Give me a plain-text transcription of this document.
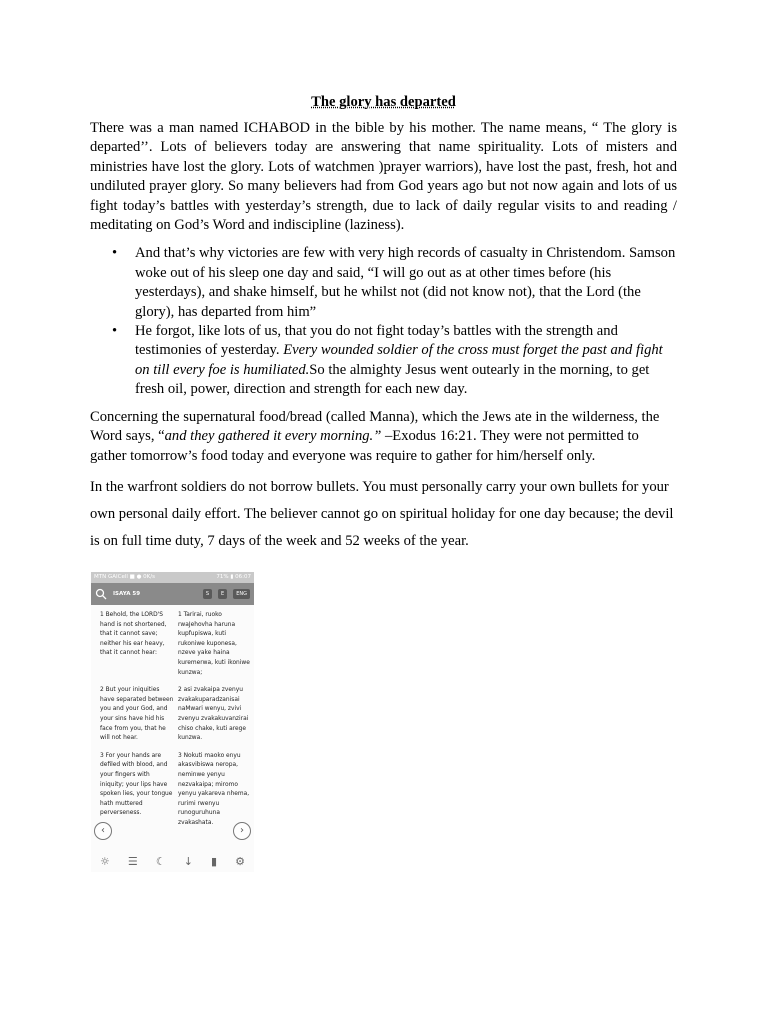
The glory has departed

There was a man named ICHABOD in the bible by his mother. The name means, “ The glory is departed’’. Lots of believers today are answering that name spirituality. Lots of misters and ministries have lost the glory. Lots of watchmen )prayer warriors), have lost the past, fresh, hot and undiluted prayer glory. So many believers had from God years ago but not now again and lots of us fight today’s battles with yesterday’s strength, due to lack of daily regular visits to and reading / meditating on God’s Word and indiscipline (laziness).

• And that’s why victories are few with very high records of casualty in Christendom. Samson woke out of his sleep one day and said, “I will go out as at other times before (his yesterdays), and shake himself, but he whilst not (did not know not), that the Lord (the glory), has departed from him”
• He forgot, like lots of us, that you do not fight today’s battles with the strength and testimonies of yesterday. Every wounded soldier of the cross must forget the past and fight on till every foe is humiliated.So the almighty Jesus went outearly in the morning, to get fresh oil, power, direction and strength for each new day.

Concerning the supernatural food/bread (called Manna), which the Jews ate in the wilderness, the Word says, “and they gathered it every morning.” –Exodus 16:21. They were not permitted to gather tomorrow’s food today and everyone was require to gather for him/herself only.

In the warfront soldiers do not borrow bullets. You must personally carry your own bullets for your own personal daily effort. The believer cannot go on spiritual holiday for one day because; the devil is on full time duty, 7 days of the week and 52 weeks of the year.

MTN GAICell ■ ● 0K/s	71% ▮ 06:07
ISAYA 59	S	E	ENG
1 Behold, the LORD'S hand is not shortened, that it cannot save; neither his ear heavy, that it cannot hear:
1 Tarirai, ruoko rwaJehovha haruna kupfupiswa, kuti rukoniwe kuponesa, nzeve yake haina kuremerwa, kuti ikoniwe kunzwa;
2 But your iniquities have separated between you and your God, and your sins have hid his face from you, that he will not hear.
2 asi zvakaipa zvenyu zvakakuparadzanisai naMwari wenyu, zvivi zvenyu zvakakuvanzirai chiso chake, kuti arege kunzwa.
3 For your hands are defiled with blood, and your fingers with iniquity; your lips have spoken lies, your tongue hath muttered perverseness.
3 Nokuti maoko enyu akasvibiswa neropa, neminwe yenyu nezvakaipa; miromo yenyu yakareva nhema, rurimi rwenyu runoguruhuna zvakashata.
‹	›
☼ ☰ ☾ ↓ ▮ ⚙
